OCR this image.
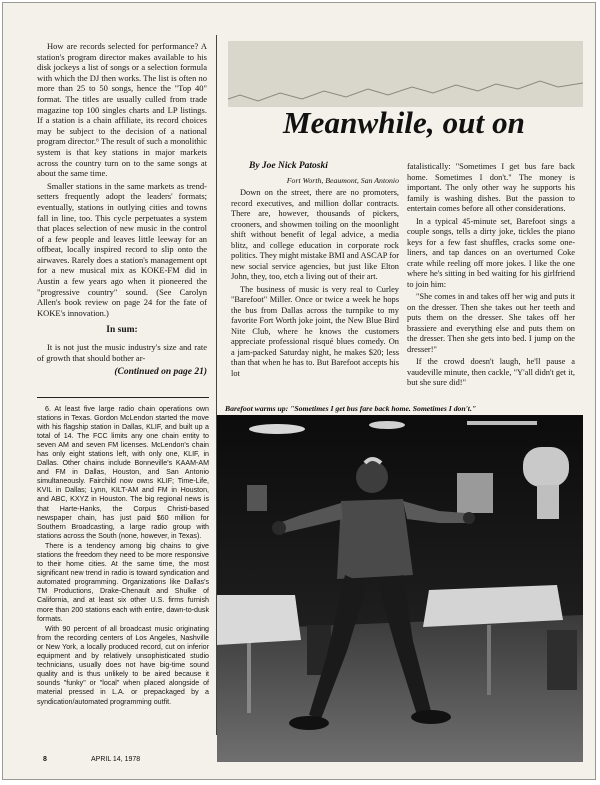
How are records selected for performance? A station's program director makes available to his disk jockeys a list of songs or a selection formula with which the DJ then works. The list is often no more than 25 to 50 songs, hence the "Top 40" format. The titles are usually culled from trade magazine top 100 singles charts and LP listings. If a station is a chain affiliate, its record choices may be subject to the decision of a national program director.⁶ The result of such a monolithic system is that key stations in major markets across the country turn on to the same songs at about the same time.

Smaller stations in the same markets as trend-setters frequently adopt the leaders' formats; eventually, stations in outlying cities and towns fall in line, too. This cycle perpetuates a system that places selection of new music in the control of a few people and leaves little leeway for an offbeat, locally inspired record to slip onto the airwaves. Rarely does a station's management opt for a new musical mix as KOKE-FM did in Austin a few years ago when it pioneered the "progressive country" sound. (See Carolyn Allen's book review on page 24 for the fate of KOKE's innovation.)

In sum:

It is not just the music industry's size and rate of growth that should bother ar-

(Continued on page 21)

6. At least five large radio chain operations own stations in Texas. Gordon McLendon started the move with his flagship station in Dallas, KLIF, and built up a total of 14. The FCC limits any one chain entity to seven AM and seven FM licenses. McLendon's chain has only eight stations left, with only one, KLIF, in Dallas. Other chains include Bonneville's KAAM-AM and FM in Dallas, Houston, and San Antonio simultaneously. Fairchild now owns KLIF; Time-Life, KVIL in Dallas; Lynn, KILT-AM and FM in Houston, and ABC, KXYZ in Houston. The big regional news is that Harte-Hanks, the Corpus Christi-based newspaper chain, has just paid $60 million for Southern Broadcasting, a large radio group with stations across the South (none, however, in Texas).

There is a tendency among big chains to give stations the freedom they need to be more responsive to their home cities. At the same time, the most significant new trend in radio is toward syndication and automated programming. Organizations like Dallas's TM Productions, Drake-Chenault and Shulke of California, and at least six other U.S. firms furnish more than 200 stations each with entire, dawn-to-dusk formats.

With 90 percent of all broadcast music originating from the recording centers of Los Angeles, Nashville or New York, a locally produced record, cut on inferior equipment and by relatively unsophisticated studio technicians, usually does not have big-time sound quality and is thus unlikely to be aired because it sounds "funky" or "local" when placed alongside of material pressed in L.A. or prepackaged by a syndication/automated programming outfit.

Meanwhile, out on
By Joe Nick Patoski
Fort Worth, Beaumont, San Antonio

Down on the street, there are no promoters, record executives, and million dollar contracts. There are, however, thousands of pickers, crooners, and showmen toiling on the moonlight shift without benefit of legal advice, a media blitz, and college education in corporate rock politics. They might mistake BMI and ASCAP for new social service agencies, but just like Elton John, they, too, etch a living out of their art.

The business of music is very real to Curley "Barefoot" Miller. Once or twice a week he hops the bus from Dallas across the turnpike to my favorite Fort Worth joke joint, the New Blue Bird Nite Club, where he knows the customers appreciate professional risqué blues comedy. On a jam-packed Saturday night, he makes $20; less than that when he has to. But Barefoot accepts his lot

fatalistically: "Sometimes I get bus fare back home. Sometimes I don't." The money is important. The only other way he supports his family is washing dishes. But the passion to entertain comes before all other considerations.

In a typical 45-minute set, Barefoot sings a couple songs, tells a dirty joke, tickles the piano keys for a few fast shuffles, cracks some one-liners, and tap dances on an overturned Coke crate while reeling off more jokes. I like the one where he's sitting in bed waiting for his girlfriend to join him:

"She comes in and takes off her wig and puts it on the dresser. Then she takes out her teeth and puts them on the dresser. She takes off her brassiere and everything else and puts them on the dresser. Then she gets into bed. I jump on the dresser!"

If the crowd doesn't laugh, he'll pause a vaudeville minute, then cackle, "Y'all didn't get it, but she sure did!"

Barefoot warms up: "Sometimes I get bus fare back home. Sometimes I don't."
8	APRIL 14, 1978
